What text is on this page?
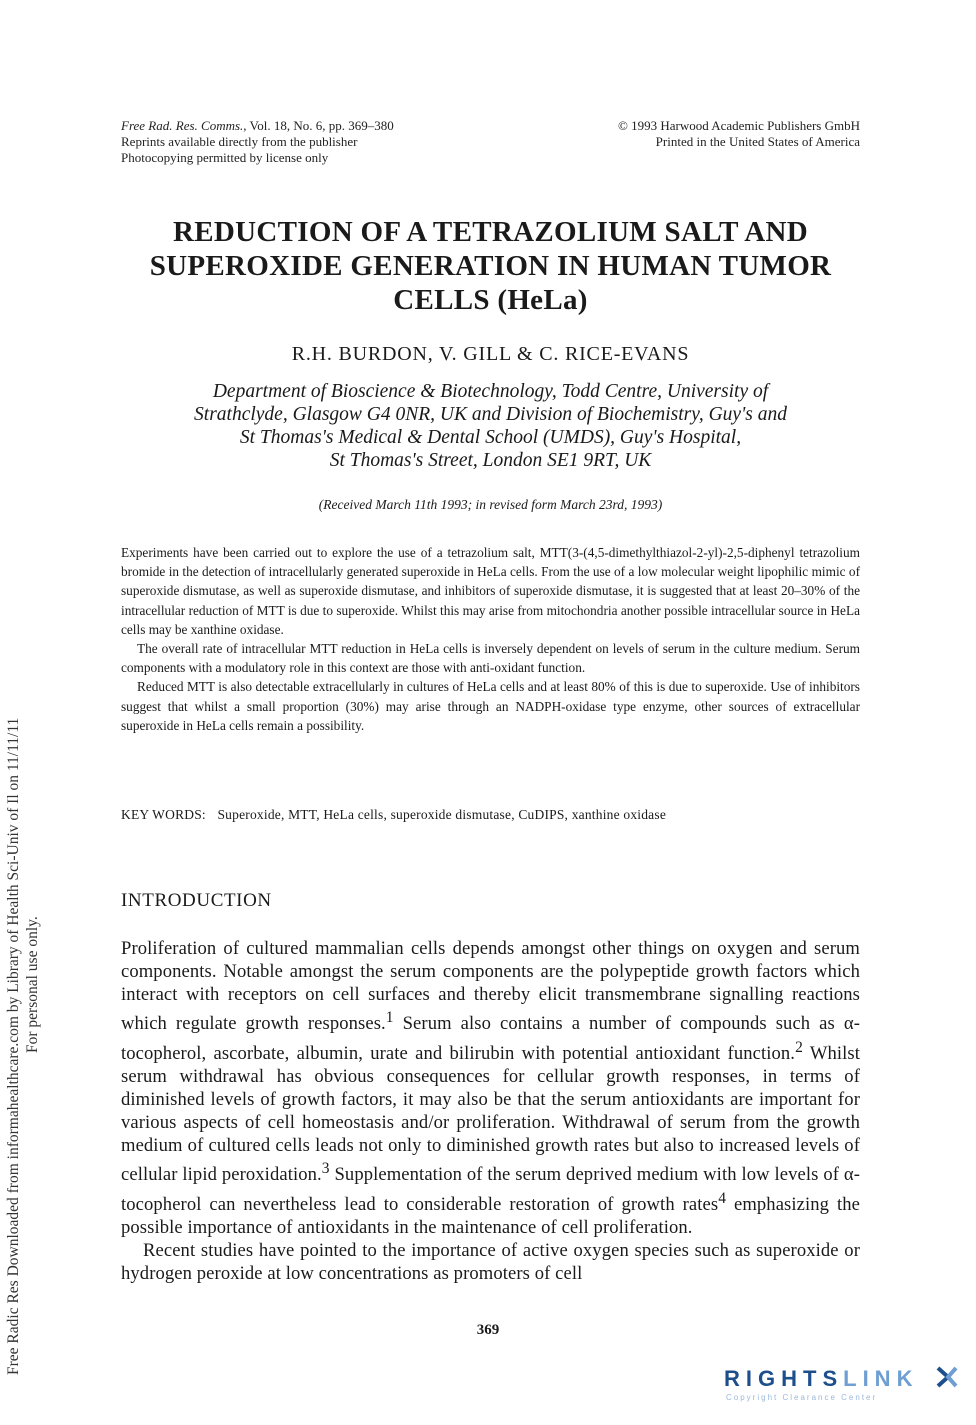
Free Radic Res Downloaded from informahealthcare.com by Library of Health Sci-Univ of Il on 11/11/11 For personal use only.
Free Rad. Res. Comms., Vol. 18, No. 6, pp. 369–380
Reprints available directly from the publisher
Photocopying permitted by license only
© 1993 Harwood Academic Publishers GmbH
Printed in the United States of America
REDUCTION OF A TETRAZOLIUM SALT AND
SUPEROXIDE GENERATION IN HUMAN TUMOR
CELLS (HeLa)
R.H. BURDON, V. GILL & C. RICE-EVANS
Department of Bioscience & Biotechnology, Todd Centre, University of
Strathclyde, Glasgow G4 0NR, UK and Division of Biochemistry, Guy's and
St Thomas's Medical & Dental School (UMDS), Guy's Hospital,
St Thomas's Street, London SE1 9RT, UK
(Received March 11th 1993; in revised form March 23rd, 1993)

Experiments have been carried out to explore the use of a tetrazolium salt, MTT(3-(4,5-dimethylthiazol-2-yl)-2,5-diphenyl tetrazolium bromide in the detection of intracellularly generated superoxide in HeLa cells. From the use of a low molecular weight lipophilic mimic of superoxide dismutase, as well as superoxide dismutase, and inhibitors of superoxide dismutase, it is suggested that at least 20–30% of the intracellular reduction of MTT is due to superoxide. Whilst this may arise from mitochondria another possible intracellular source in HeLa cells may be xanthine oxidase.

The overall rate of intracellular MTT reduction in HeLa cells is inversely dependent on levels of serum in the culture medium. Serum components with a modulatory role in this context are those with anti-oxidant function.

Reduced MTT is also detectable extracellularly in cultures of HeLa cells and at least 80% of this is due to superoxide. Use of inhibitors suggest that whilst a small proportion (30%) may arise through an NADPH-oxidase type enzyme, other sources of extracellular superoxide in HeLa cells remain a possibility.

KEY WORDS: Superoxide, MTT, HeLa cells, superoxide dismutase, CuDIPS, xanthine oxidase
INTRODUCTION

Proliferation of cultured mammalian cells depends amongst other things on oxygen and serum components. Notable amongst the serum components are the polypeptide growth factors which interact with receptors on cell surfaces and thereby elicit transmembrane signalling reactions which regulate growth responses.$^1$ Serum also contains a number of compounds such as α-tocopherol, ascorbate, albumin, urate and bilirubin with potential antioxidant function.$^2$ Whilst serum withdrawal has obvious consequences for cellular growth responses, in terms of diminished levels of growth factors, it may also be that the serum antioxidants are important for various aspects of cell homeostasis and/or proliferation. Withdrawal of serum from the growth medium of cultured cells leads not only to diminished growth rates but also to increased levels of cellular lipid peroxidation.$^3$ Supplementation of the serum deprived medium with low levels of α-tocopherol can nevertheless lead to considerable restoration of growth rates$^4$ emphasizing the possible importance of antioxidants in the maintenance of cell proliferation.

Recent studies have pointed to the importance of active oxygen species such as superoxide or hydrogen peroxide at low concentrations as promoters of cell

369
RIGHTSLINK
Copyright Clearance Center
